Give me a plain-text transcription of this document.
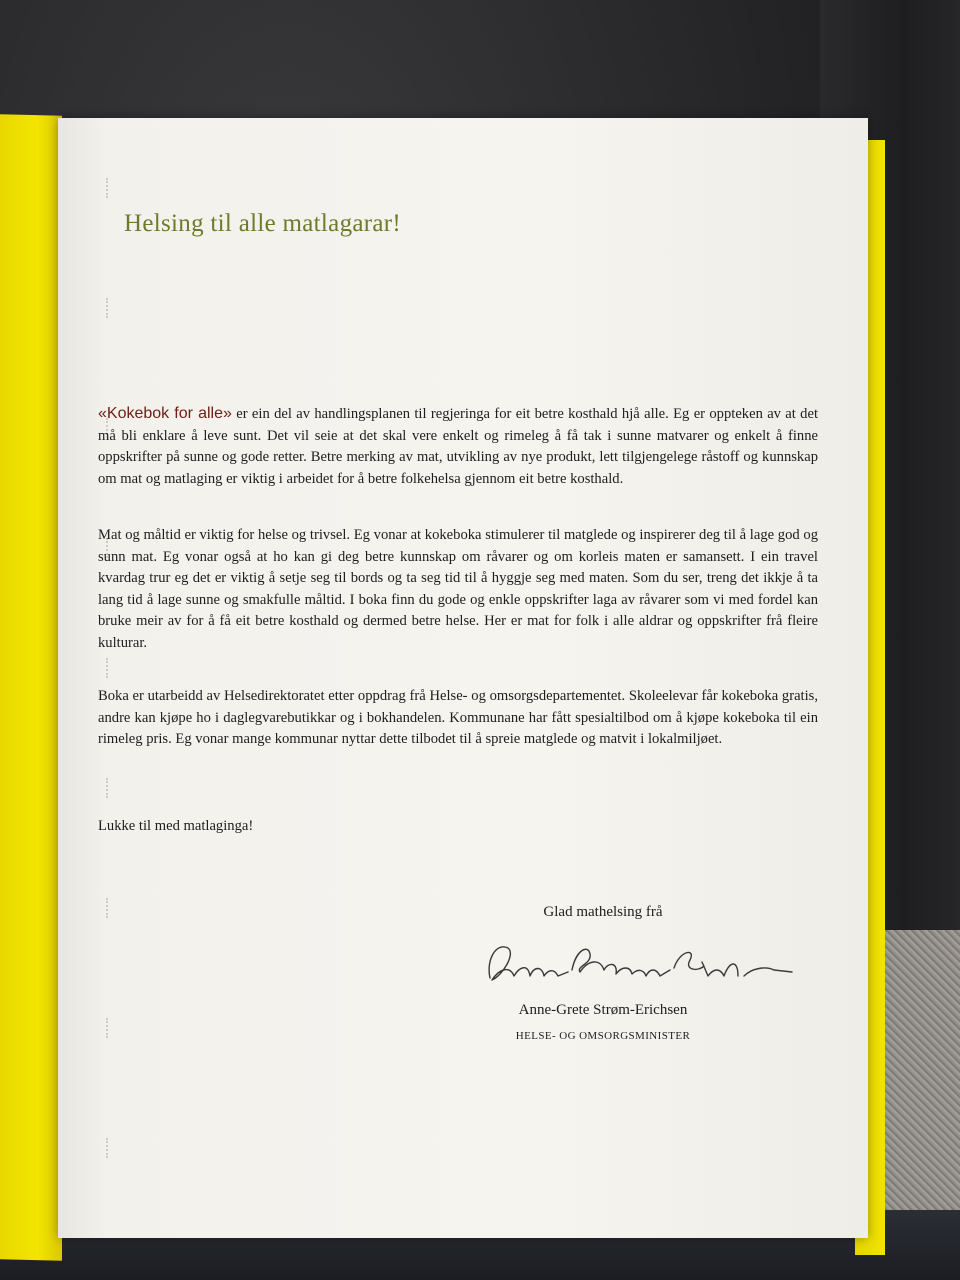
Helsing til alle matlagarar!

«Kokebok for alle» er ein del av handlingsplanen til regjeringa for eit betre kosthald hjå alle. Eg er oppteken av at det må bli enklare å leve sunt. Det vil seie at det skal vere enkelt og rimeleg å få tak i sunne matvarer og enkelt å finne oppskrifter på sunne og gode retter. Betre merking av mat, utvikling av nye produkt, lett tilgjengelege råstoff og kunnskap om mat og matlaging er viktig i arbeidet for å betre folkehelsa gjennom eit betre kosthald.

Mat og måltid er viktig for helse og trivsel. Eg vonar at kokeboka stimulerer til matglede og inspirerer deg til å lage god og sunn mat. Eg vonar også at ho kan gi deg betre kunnskap om råvarer og om korleis maten er samansett. I ein travel kvardag trur eg det er viktig å setje seg til bords og ta seg tid til å hyggje seg med maten. Som du ser, treng det ikkje å ta lang tid å lage sunne og smakfulle måltid. I boka finn du gode og enkle oppskrifter laga av råvarer som vi med fordel kan bruke meir av for å få eit betre kosthald og dermed betre helse. Her er mat for folk i alle aldrar og oppskrifter frå fleire kulturar.

Boka er utarbeidd av Helsedirektoratet etter oppdrag frå Helse- og omsorgsdepartementet. Skoleelevar får kokeboka gratis, andre kan kjøpe ho i daglegvarebutikkar og i bokhandelen. Kommunane har fått spesialtilbod om å kjøpe kokeboka til ein rimeleg pris. Eg vonar mange kommunar nyttar dette tilbodet til å spreie matglede og matvit i lokalmiljøet.

Lukke til med matlaginga!

Glad mathelsing frå

Anne-Grete Strøm-Erichsen

HELSE- OG OMSORGSMINISTER
